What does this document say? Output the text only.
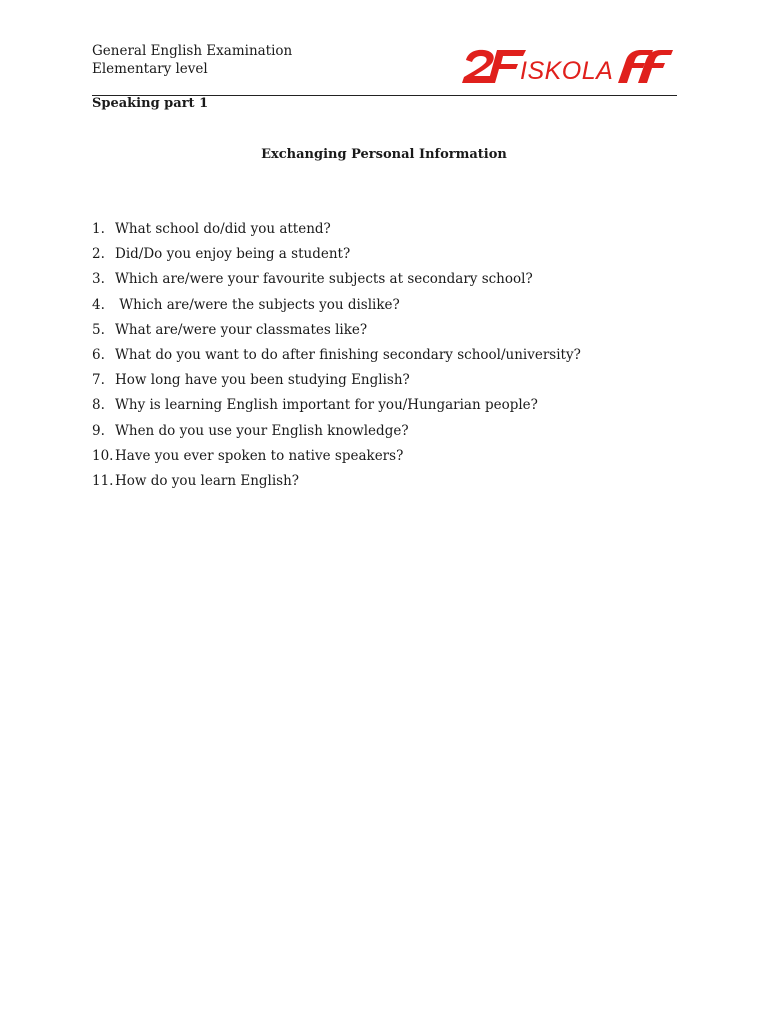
General English Examination
Elementary level	ISKOLA
Speaking part 1
Exchanging Personal Information
1. What school do/did you attend?
2. Did/Do you enjoy being a student?
3. Which are/were your favourite subjects at secondary school?
4. Which are/were the subjects you dislike?
5. What are/were your classmates like?
6. What do you want to do after finishing secondary school/university?
7. How long have you been studying English?
8. Why is learning English important for you/Hungarian people?
9. When do you use your English knowledge?
10. Have you ever spoken to native speakers?
11. How do you learn English?
